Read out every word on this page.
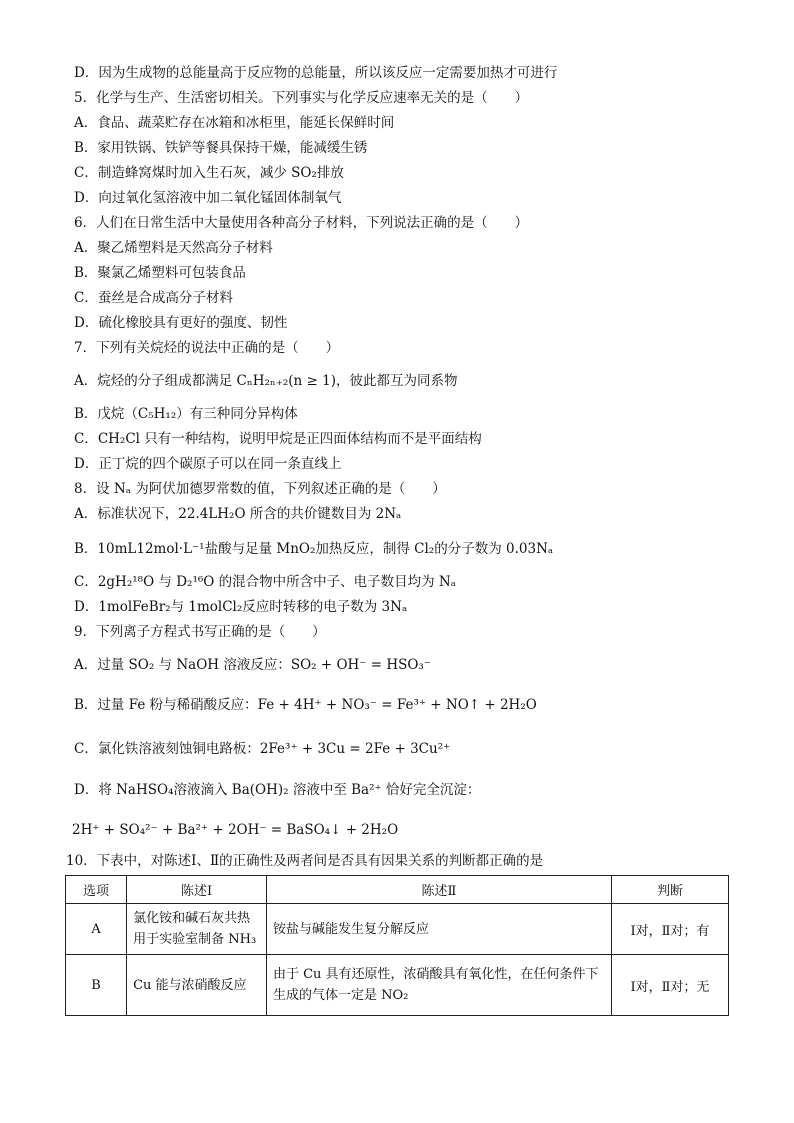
D．因为生成物的总能量高于反应物的总能量，所以该反应一定需要加热才可进行
5．化学与生产、生活密切相关。下列事实与化学反应速率无关的是（　　）
A．食品、蔬菜贮存在冰箱和冰柜里，能延长保鲜时间
B．家用铁锅、铁铲等餐具保持干燥，能减缓生锈
C．制造蜂窝煤时加入生石灰，减少 SO₂排放
D．向过氧化氢溶液中加二氧化锰固体制氧气
6．人们在日常生活中大量使用各种高分子材料，下列说法正确的是（　　）
A．聚乙烯塑料是天然高分子材料
B．聚氯乙烯塑料可包装食品
C．蚕丝是合成高分子材料
D．硫化橡胶具有更好的强度、韧性
7．下列有关烷烃的说法中正确的是（　　）
A．烷烃的分子组成都满足 CₙH₂ₙ₊₂(n ≥ 1)，彼此都互为同系物
B．戊烷（C₅H₁₂）有三种同分异构体
C．CH₂Cl 只有一种结构，说明甲烷是正四面体结构而不是平面结构
D．正丁烷的四个碳原子可以在同一条直线上
8．设 Nₐ 为阿伏加德罗常数的值，下列叙述正确的是（　　）
A．标准状况下，22.4LH₂O 所含的共价键数目为 2Nₐ
B．10mL12mol·L⁻¹盐酸与足量 MnO₂加热反应，制得 Cl₂的分子数为 0.03Nₐ
C．2gH₂¹⁸O 与 D₂¹⁶O 的混合物中所含中子、电子数目均为 Nₐ
D．1molFeBr₂与 1molCl₂反应时转移的电子数为 3Nₐ
9．下列离子方程式书写正确的是（　　）
A．过量 SO₂ 与 NaOH 溶液反应：SO₂ + OH⁻ = HSO₃⁻
B．过量 Fe 粉与稀硝酸反应：Fe + 4H⁺ + NO₃⁻ = Fe³⁺ + NO↑ + 2H₂O
C．氯化铁溶液刻蚀铜电路板：2Fe³⁺ + 3Cu = 2Fe + 3Cu²⁺
D．将 NaHSO₄溶液滴入 Ba(OH)₂ 溶液中至 Ba²⁺ 恰好完全沉淀：
2H⁺ + SO₄²⁻ + Ba²⁺ + 2OH⁻ = BaSO₄↓ + 2H₂O
10．下表中，对陈述Ⅰ、Ⅱ的正确性及两者间是否具有因果关系的判断都正确的是
选项	陈述Ⅰ	陈述Ⅱ	判断
A	氯化铵和碱石灰共热用于实验室制备 NH₃	铵盐与碱能发生复分解反应	Ⅰ对，Ⅱ对；有
B	Cu 能与浓硝酸反应	由于 Cu 具有还原性，浓硝酸具有氧化性，在任何条件下生成的气体一定是 NO₂	Ⅰ对，Ⅱ对；无
